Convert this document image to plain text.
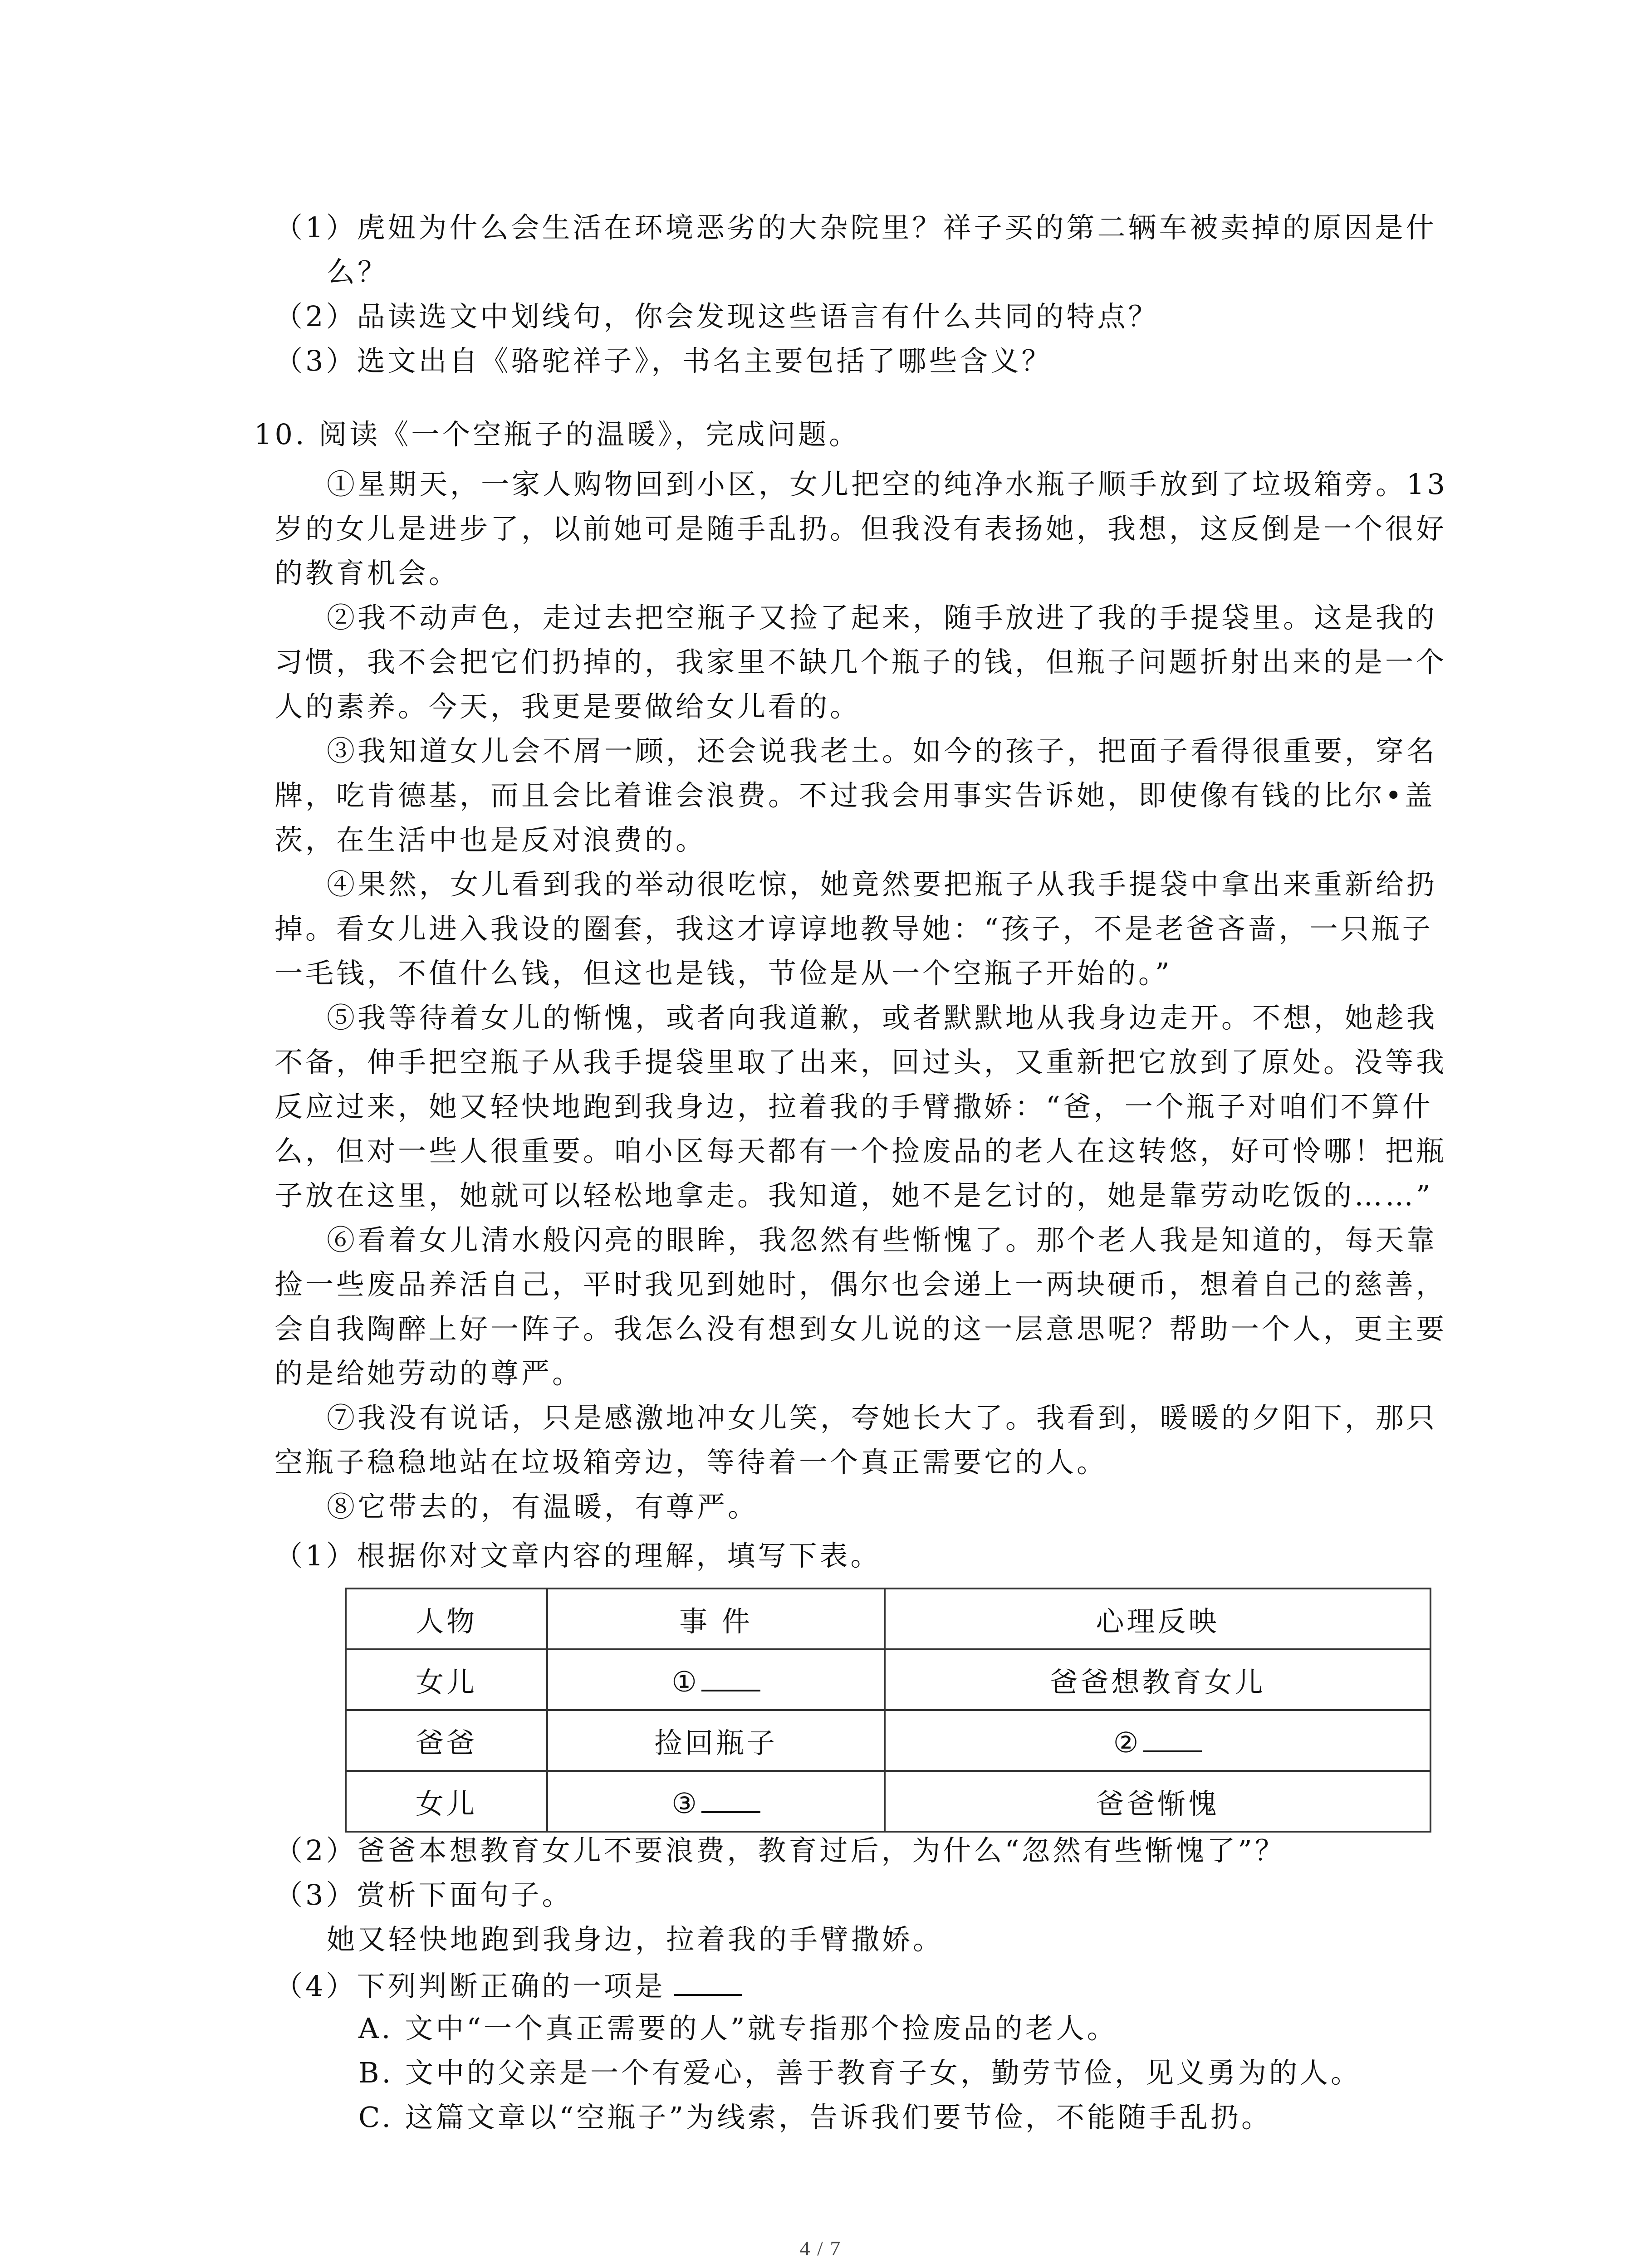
（1）虎妞为什么会生活在环境恶劣的大杂院里？祥子买的第二辆车被卖掉的原因是什
么？
（2）品读选文中划线句，你会发现这些语言有什么共同的特点？
（3）选文出自《骆驼祥子》，书名主要包括了哪些含义？
10. 阅读《一个空瓶子的温暖》，完成问题。
①星期天，一家人购物回到小区，女儿把空的纯净水瓶子顺手放到了垃圾箱旁。13
岁的女儿是进步了，以前她可是随手乱扔。但我没有表扬她，我想，这反倒是一个很好
的教育机会。
②我不动声色，走过去把空瓶子又捡了起来，随手放进了我的手提袋里。这是我的
习惯，我不会把它们扔掉的，我家里不缺几个瓶子的钱，但瓶子问题折射出来的是一个
人的素养。今天，我更是要做给女儿看的。
③我知道女儿会不屑一顾，还会说我老土。如今的孩子，把面子看得很重要，穿名
牌，吃肯德基，而且会比着谁会浪费。不过我会用事实告诉她，即使像有钱的比尔•盖
茨，在生活中也是反对浪费的。
④果然，女儿看到我的举动很吃惊，她竟然要把瓶子从我手提袋中拿出来重新给扔
掉。看女儿进入我设的圈套，我这才谆谆地教导她：“孩子，不是老爸吝啬，一只瓶子
一毛钱，不值什么钱，但这也是钱，节俭是从一个空瓶子开始的。”
⑤我等待着女儿的惭愧，或者向我道歉，或者默默地从我身边走开。不想，她趁我
不备，伸手把空瓶子从我手提袋里取了出来，回过头，又重新把它放到了原处。没等我
反应过来，她又轻快地跑到我身边，拉着我的手臂撒娇：“爸，一个瓶子对咱们不算什
么，但对一些人很重要。咱小区每天都有一个捡废品的老人在这转悠，好可怜哪！把瓶
子放在这里，她就可以轻松地拿走。我知道，她不是乞讨的，她是靠劳动吃饭的……”
⑥看着女儿清水般闪亮的眼眸，我忽然有些惭愧了。那个老人我是知道的，每天靠
捡一些废品养活自己，平时我见到她时，偶尔也会递上一两块硬币，想着自己的慈善，
会自我陶醉上好一阵子。我怎么没有想到女儿说的这一层意思呢？帮助一个人，更主要
的是给她劳动的尊严。
⑦我没有说话，只是感激地冲女儿笑，夸她长大了。我看到，暖暖的夕阳下，那只
空瓶子稳稳地站在垃圾箱旁边，等待着一个真正需要它的人。
⑧它带去的，有温暖，有尊严。
（1）根据你对文章内容的理解，填写下表。
人物	事 件	心理反映
女儿	①	爸爸想教育女儿
爸爸	捡回瓶子	②
女儿	③	爸爸惭愧
（2）爸爸本想教育女儿不要浪费，教育过后，为什么“忽然有些惭愧了”？
（3）赏析下面句子。
她又轻快地跑到我身边，拉着我的手臂撒娇。
（4）下列判断正确的一项是
A. 文中“一个真正需要的人”就专指那个捡废品的老人。
B. 文中的父亲是一个有爱心，善于教育子女，勤劳节俭，见义勇为的人。
C. 这篇文章以“空瓶子”为线索，告诉我们要节俭，不能随手乱扔。
4 / 7
